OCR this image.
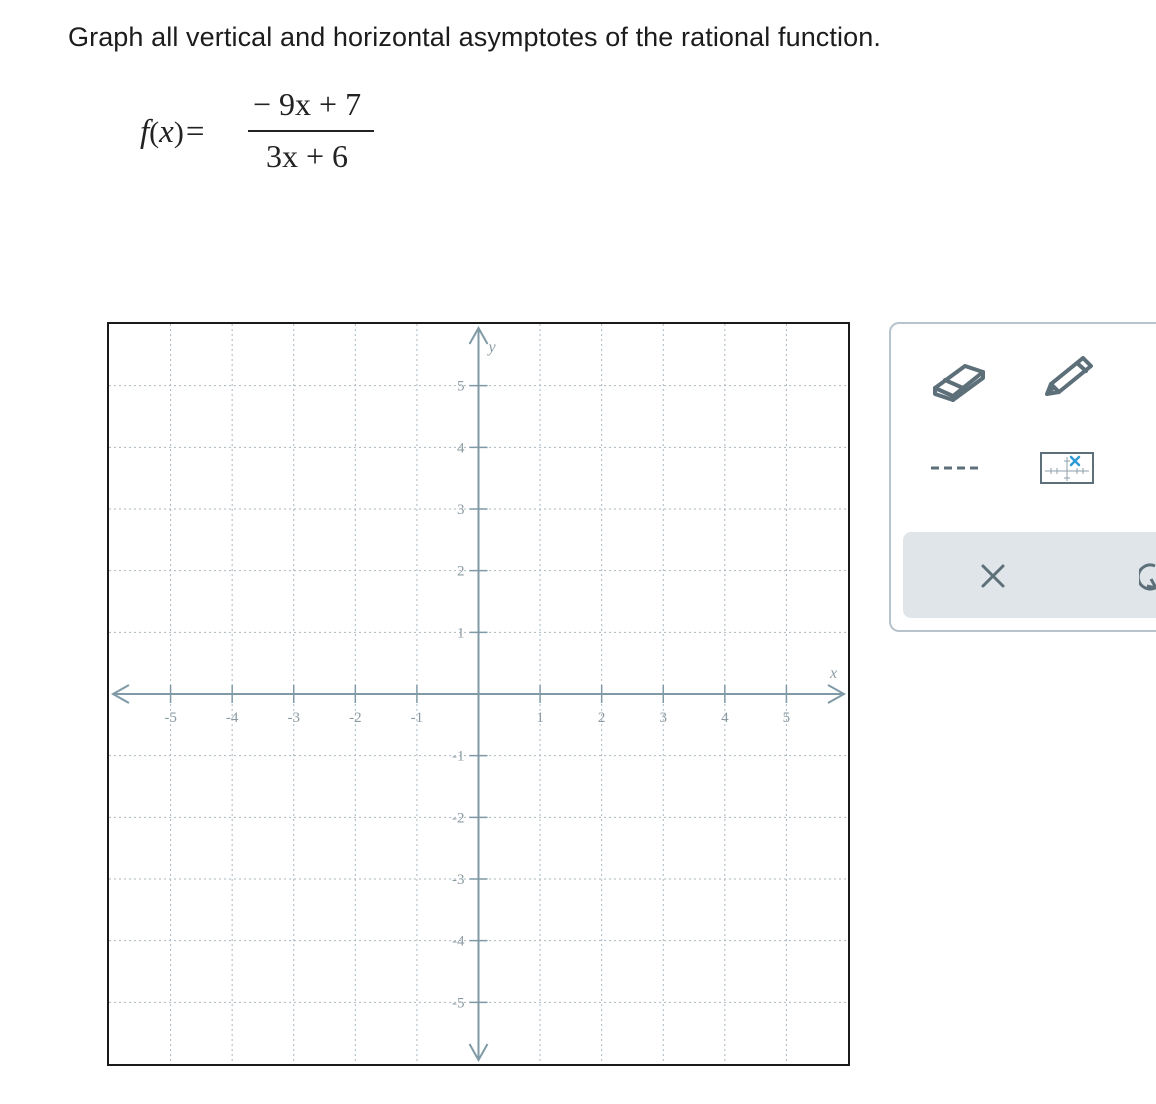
Graph all vertical and horizontal asymptotes of the rational function.
f(x)=
− 9x + 7
3x + 6
-5	-4	-3	-2	-1	1	2	3	4	5
5
4
3
2
1
-1
-2
-3
-4
-5
x
y
